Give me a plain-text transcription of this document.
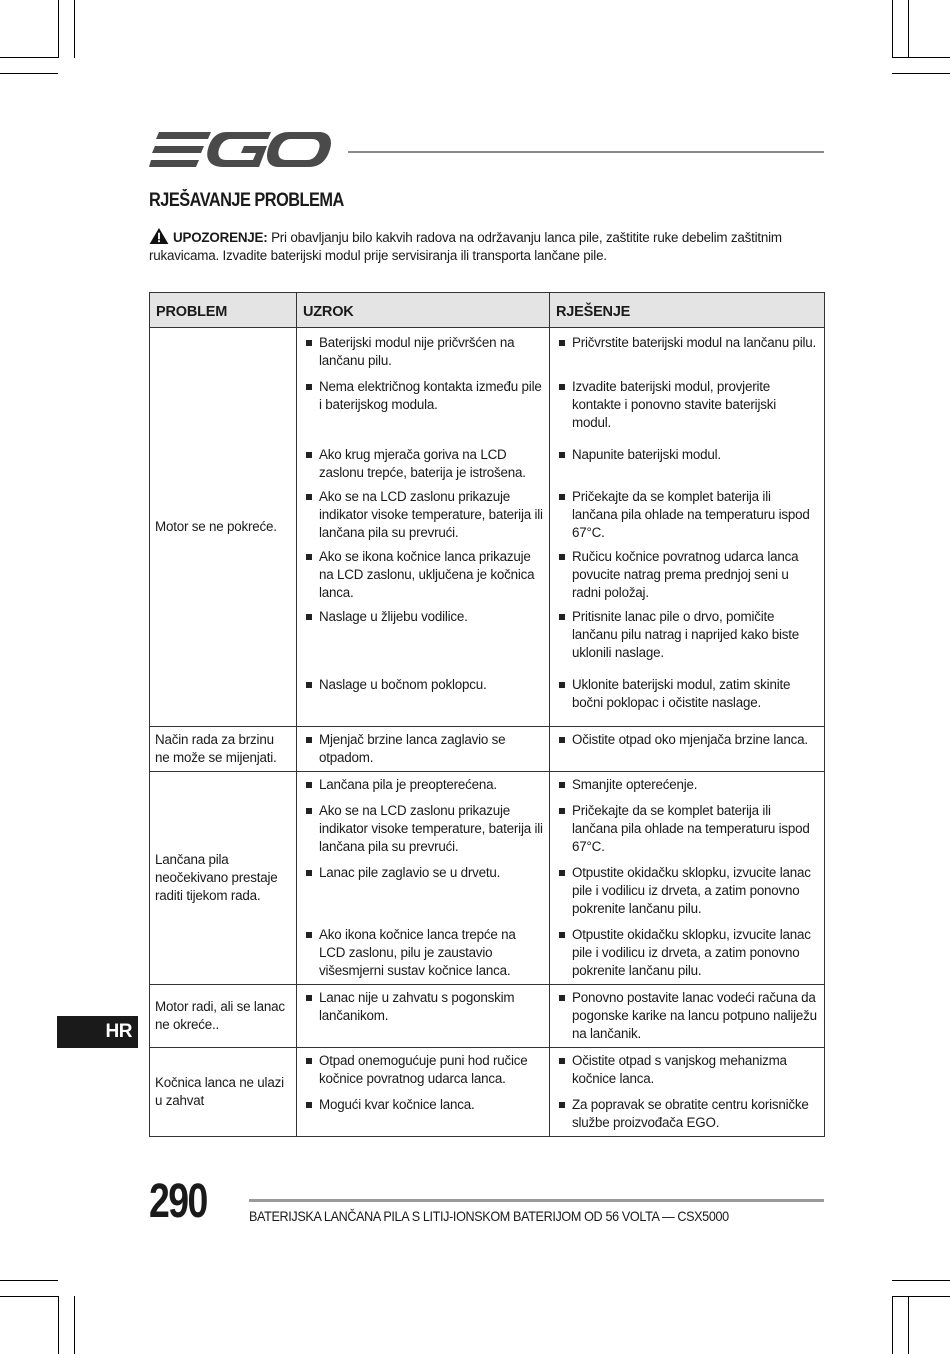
RJEŠAVANJE PROBLEMA
UPOZORENJE: Pri obavljanju bilo kakvih radova na održavanju lanca pile, zaštitite ruke debelim zaštitnim rukavicama. Izvadite baterijski modul prije servisiranja ili transporta lančane pile.
PROBLEM	UZROK	RJEŠENJE
Motor se ne pokreće.	Baterijski modul nije pričvršćen na lančanu pilu.	Pričvrstite baterijski modul na lančanu pilu.

	Nema električnog kontakta između pile i baterijskog modula.	Izvadite baterijski modul, provjerite kontakte i ponovno stavite baterijski modul.

	Ako krug mjerača goriva na LCD zaslonu trepće, baterija je istrošena.	Napunite baterijski modul.

	Ako se na LCD zaslonu prikazuje indikator visoke temperature, baterija ili lančana pila su prevrući.	Pričekajte da se komplet baterija ili lančana pila ohlade na temperaturu ispod 67°C.

	Ako se ikona kočnice lanca prikazuje na LCD zaslonu, uključena je kočnica lanca.	Ručicu kočnice povratnog udarca lanca povucite natrag prema prednjoj seni u radni položaj.

	Naslage u žlijebu vodilice.	Pritisnite lanac pile o drvo, pomičite lančanu pilu natrag i naprijed kako biste uklonili naslage.

	Naslage u bočnom poklopcu.	Uklonite baterijski modul, zatim skinite bočni poklopac i očistite naslage.

Način rada za brzinu ne može se mijenjati.	Mjenjač brzine lanca zaglavio se otpadom.	Očistite otpad oko mjenjača brzine lanca.

Lančana pila neočekivano prestaje raditi tijekom rada.	Lančana pila je preopterećena.	Smanjite opterećenje.

	Ako se na LCD zaslonu prikazuje indikator visoke temperature, baterija ili lančana pila su prevrući.	Pričekajte da se komplet baterija ili lančana pila ohlade na temperaturu ispod 67°C.

	Lanac pile zaglavio se u drvetu.	Otpustite okidačku sklopku, izvucite lanac pile i vodilicu iz drveta, a zatim ponovno pokrenite lančanu pilu.

	Ako ikona kočnice lanca trepće na LCD zaslonu, pilu je zaustavio višesmjerni sustav kočnice lanca.	Otpustite okidačku sklopku, izvucite lanac pile i vodilicu iz drveta, a zatim ponovno pokrenite lančanu pilu.

Motor radi, ali se lanac ne okreće..	Lanac nije u zahvatu s pogonskim lančanikom.	Ponovno postavite lanac vodeći računa da pogonske karike na lancu potpuno naliježu na lančanik.

Kočnica lanca ne ulazi u zahvat	Otpad onemogućuje puni hod ručice kočnice povratnog udarca lanca.	Očistite otpad s vanjskog mehanizma kočnice lanca.

	Mogući kvar kočnice lanca.	Za popravak se obratite centru korisničke službe proizvođača EGO.
HR
290	BATERIJSKA LANČANA PILA S LITIJ-IONSKOM BATERIJOM OD 56 VOLTA — CSX5000
